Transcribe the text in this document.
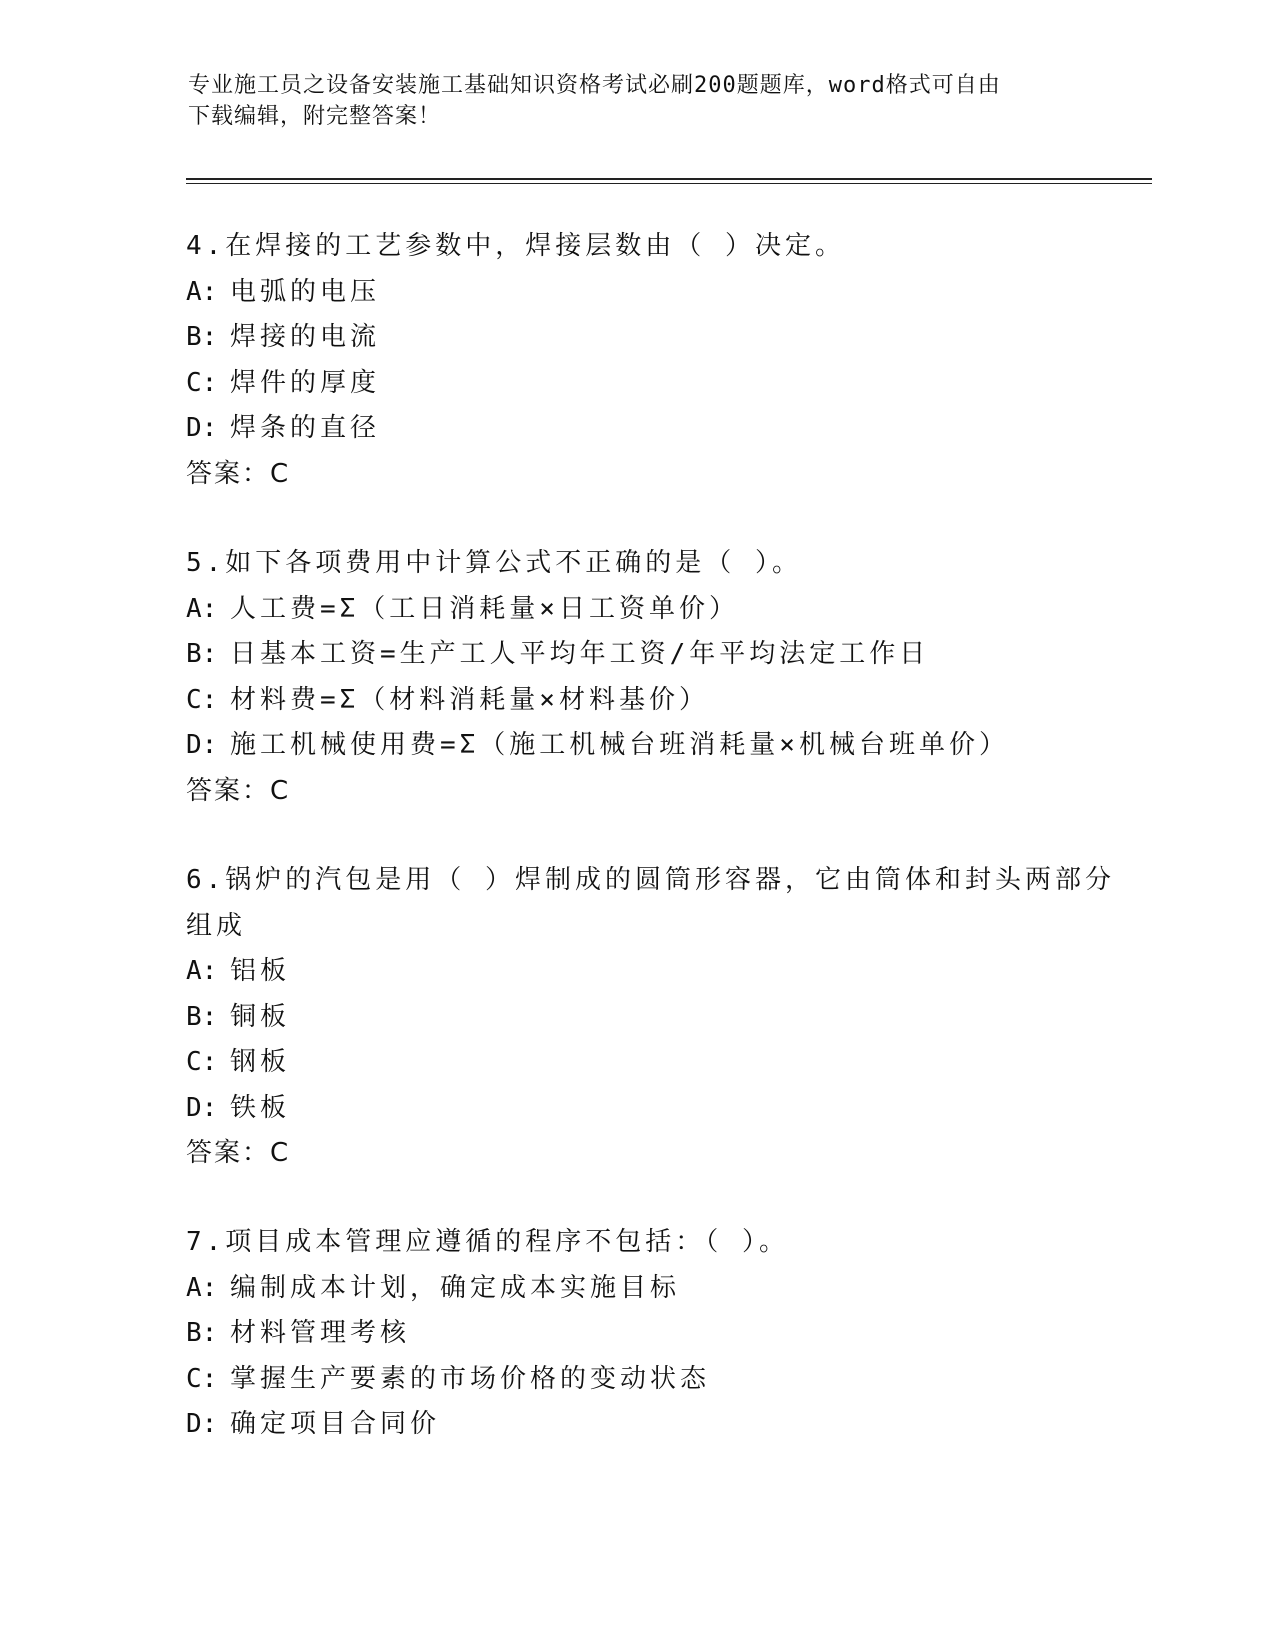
专业施工员之设备安装施工基础知识资格考试必刷200题题库，word格式可自由
下载编辑，附完整答案！
4.在焊接的工艺参数中，焊接层数由（ ）决定。
A: 电弧的电压
B: 焊接的电流
C: 焊件的厚度
D: 焊条的直径
答案：C
5.如下各项费用中计算公式不正确的是（ ）。
A: 人工费=Σ（工日消耗量×日工资单价）
B: 日基本工资=生产工人平均年工资/年平均法定工作日
C: 材料费=Σ（材料消耗量×材料基价）
D: 施工机械使用费=Σ（施工机械台班消耗量×机械台班单价）
答案：C
6.锅炉的汽包是用（ ）焊制成的圆筒形容器，它由筒体和封头两部分
组成
A: 铝板
B: 铜板
C: 钢板
D: 铁板
答案：C
7.项目成本管理应遵循的程序不包括：（ ）。
A: 编制成本计划，确定成本实施目标
B: 材料管理考核
C: 掌握生产要素的市场价格的变动状态
D: 确定项目合同价
